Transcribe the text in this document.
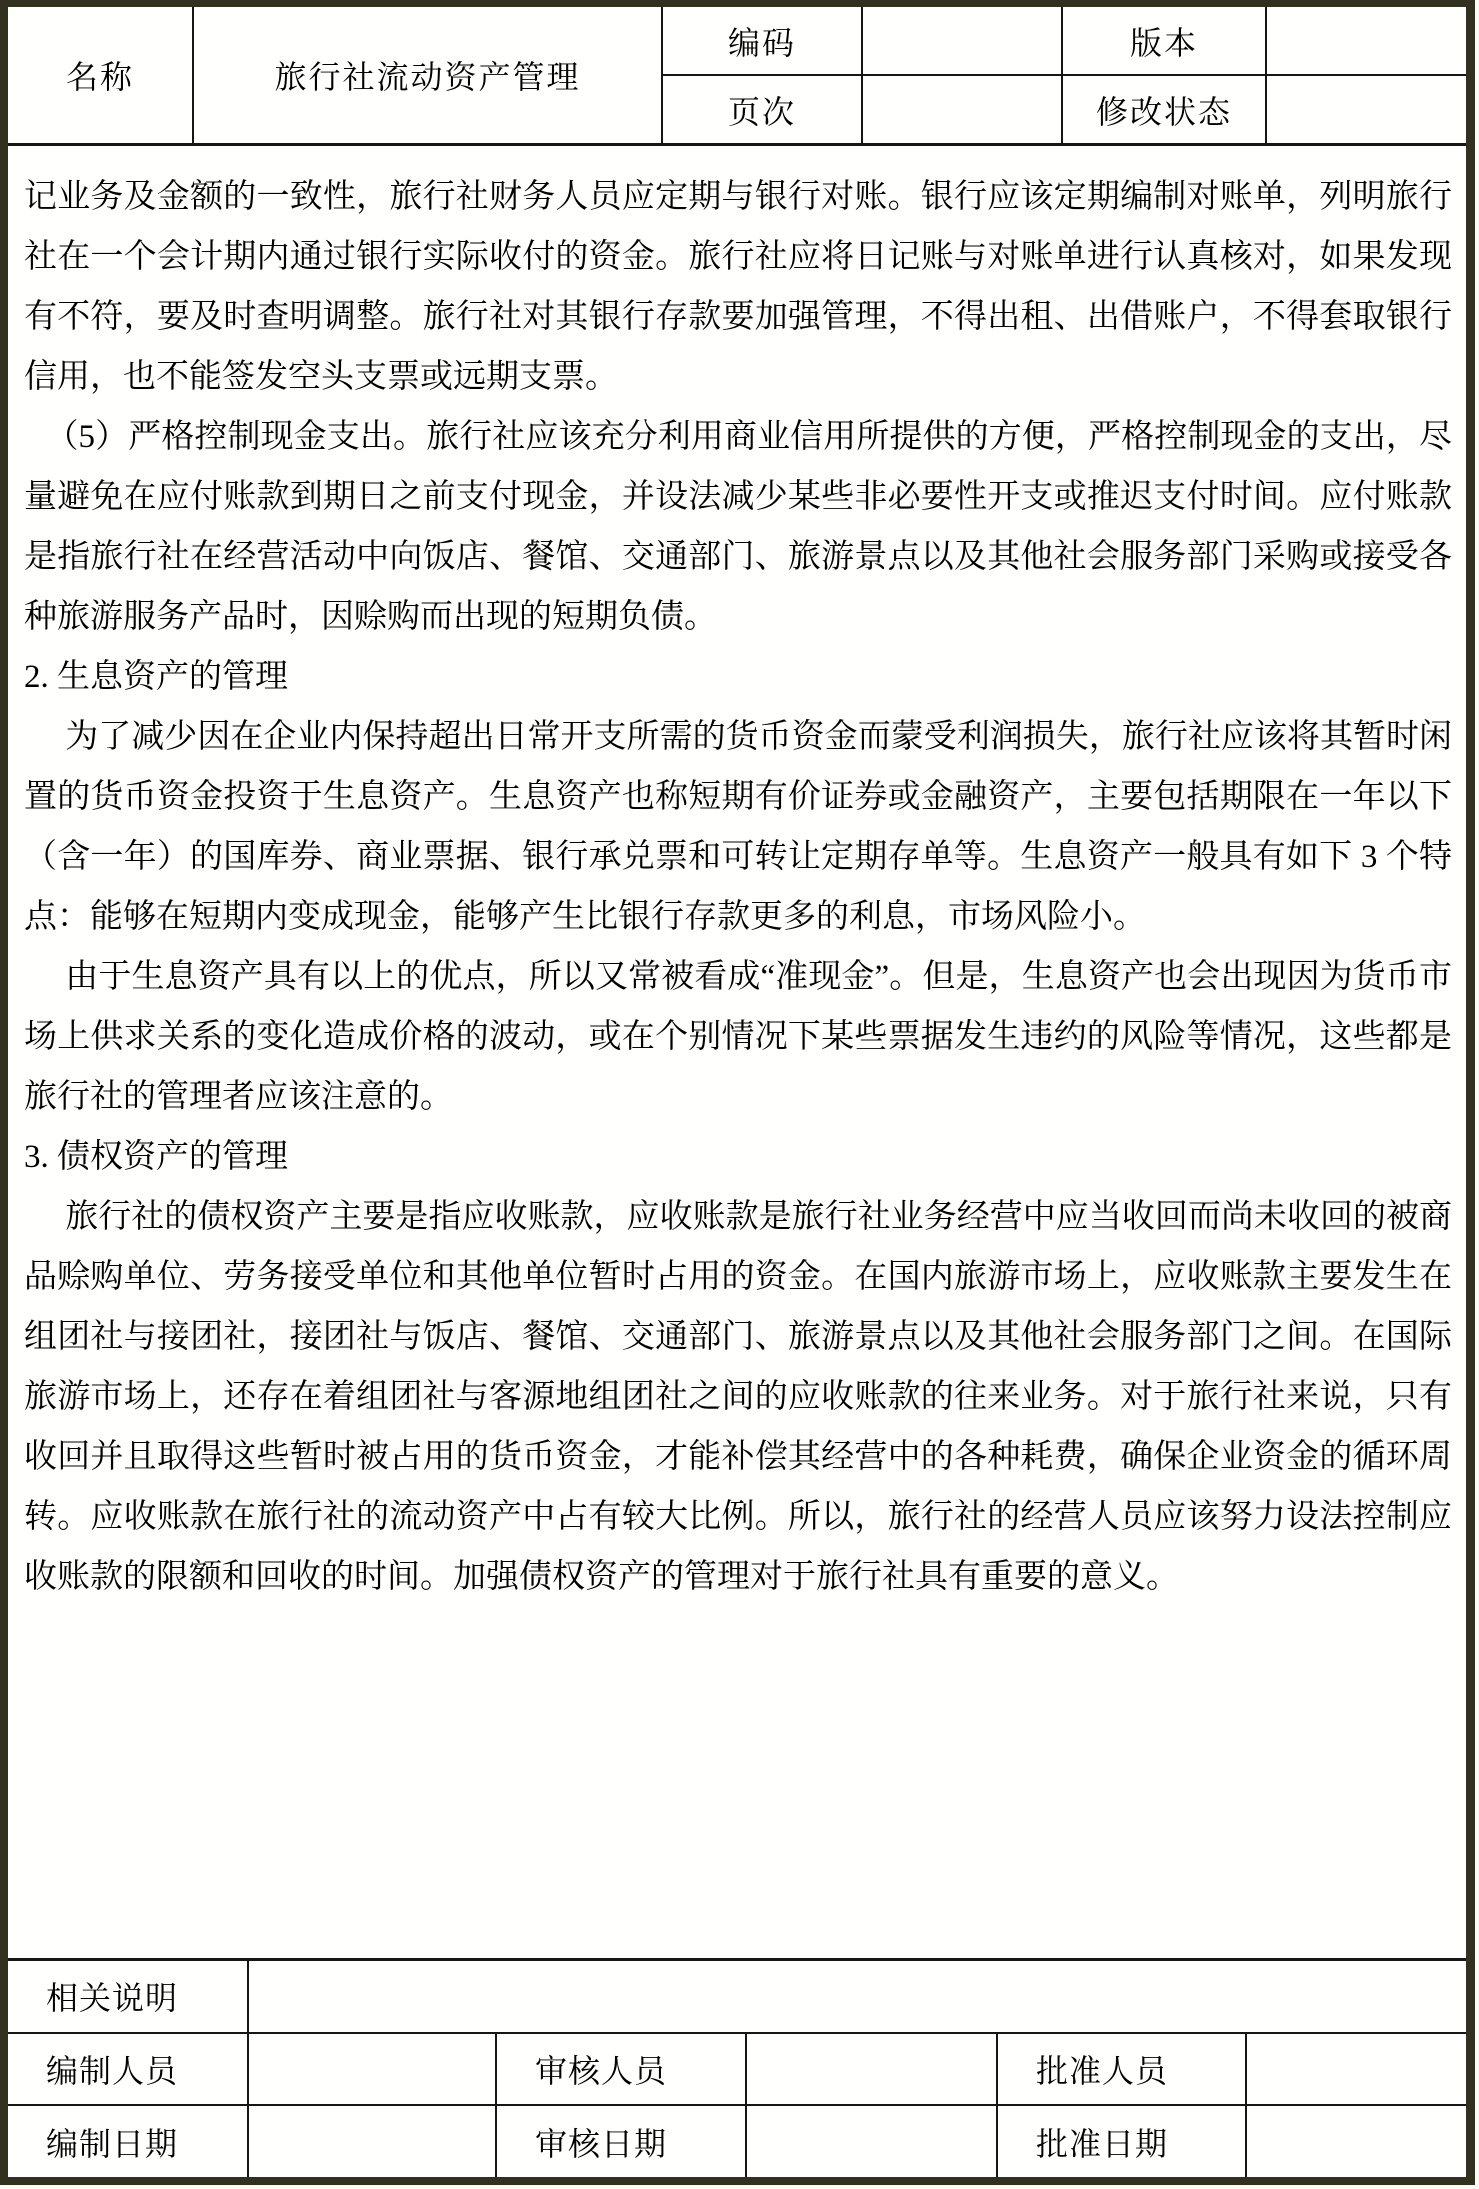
名称	旅行社流动资产管理
编码	版本
页次	修改状态

记业务及金额的一致性，旅行社财务人员应定期与银行对账。银行应该定期编制对账单，列明旅行社在一个会计期内通过银行实际收付的资金。旅行社应将日记账与对账单进行认真核对，如果发现有不符，要及时查明调整。旅行社对其银行存款要加强管理，不得出租、出借账户，不得套取银行信用，也不能签发空头支票或远期支票。

（5）严格控制现金支出。旅行社应该充分利用商业信用所提供的方便，严格控制现金的支出，尽量避免在应付账款到期日之前支付现金，并设法减少某些非必要性开支或推迟支付时间。应付账款是指旅行社在经营活动中向饭店、餐馆、交通部门、旅游景点以及其他社会服务部门采购或接受各种旅游服务产品时，因赊购而出现的短期负债。

2. 生息资产的管理

为了减少因在企业内保持超出日常开支所需的货币资金而蒙受利润损失，旅行社应该将其暂时闲置的货币资金投资于生息资产。生息资产也称短期有价证券或金融资产，主要包括期限在一年以下（含一年）的国库券、商业票据、银行承兑票和可转让定期存单等。生息资产一般具有如下 3 个特点：能够在短期内变成现金，能够产生比银行存款更多的利息，市场风险小。

由于生息资产具有以上的优点，所以又常被看成“准现金”。但是，生息资产也会出现因为货币市场上供求关系的变化造成价格的波动，或在个别情况下某些票据发生违约的风险等情况，这些都是旅行社的管理者应该注意的。

3. 债权资产的管理

旅行社的债权资产主要是指应收账款，应收账款是旅行社业务经营中应当收回而尚未收回的被商品赊购单位、劳务接受单位和其他单位暂时占用的资金。在国内旅游市场上，应收账款主要发生在组团社与接团社，接团社与饭店、餐馆、交通部门、旅游景点以及其他社会服务部门之间。在国际旅游市场上，还存在着组团社与客源地组团社之间的应收账款的往来业务。对于旅行社来说，只有收回并且取得这些暂时被占用的货币资金，才能补偿其经营中的各种耗费，确保企业资金的循环周转。应收账款在旅行社的流动资产中占有较大比例。所以，旅行社的经营人员应该努力设法控制应收账款的限额和回收的时间。加强债权资产的管理对于旅行社具有重要的意义。

相关说明
编制人员	审核人员	批准人员
编制日期	审核日期	批准日期
